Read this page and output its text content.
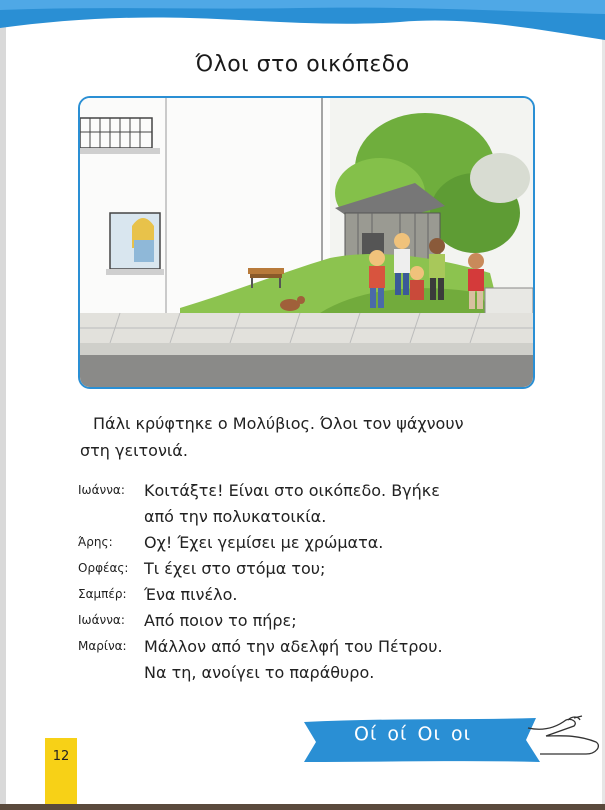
Όλοι στο οικόπεδο

Πάλι κρύφτηκε ο Μολύβιος. Όλοι τον ψάχνουν

στη γειτονιά.

Ιωάννα: Κοιτάξτε! Είναι στο οικόπεδο. Βγήκε
από την πολυκατοικία.
Άρης: Οχ! Έχει γεμίσει με χρώματα.
Ορφέας: Τι έχει στο στόμα του;
Σαμπέρ: Ένα πινέλο.
Ιωάννα: Από ποιον το πήρε;
Μαρίνα: Μάλλον από την αδελφή του Πέτρου.
Να τη, ανοίγει το παράθυρο.
Οί οί Οι οι
12
